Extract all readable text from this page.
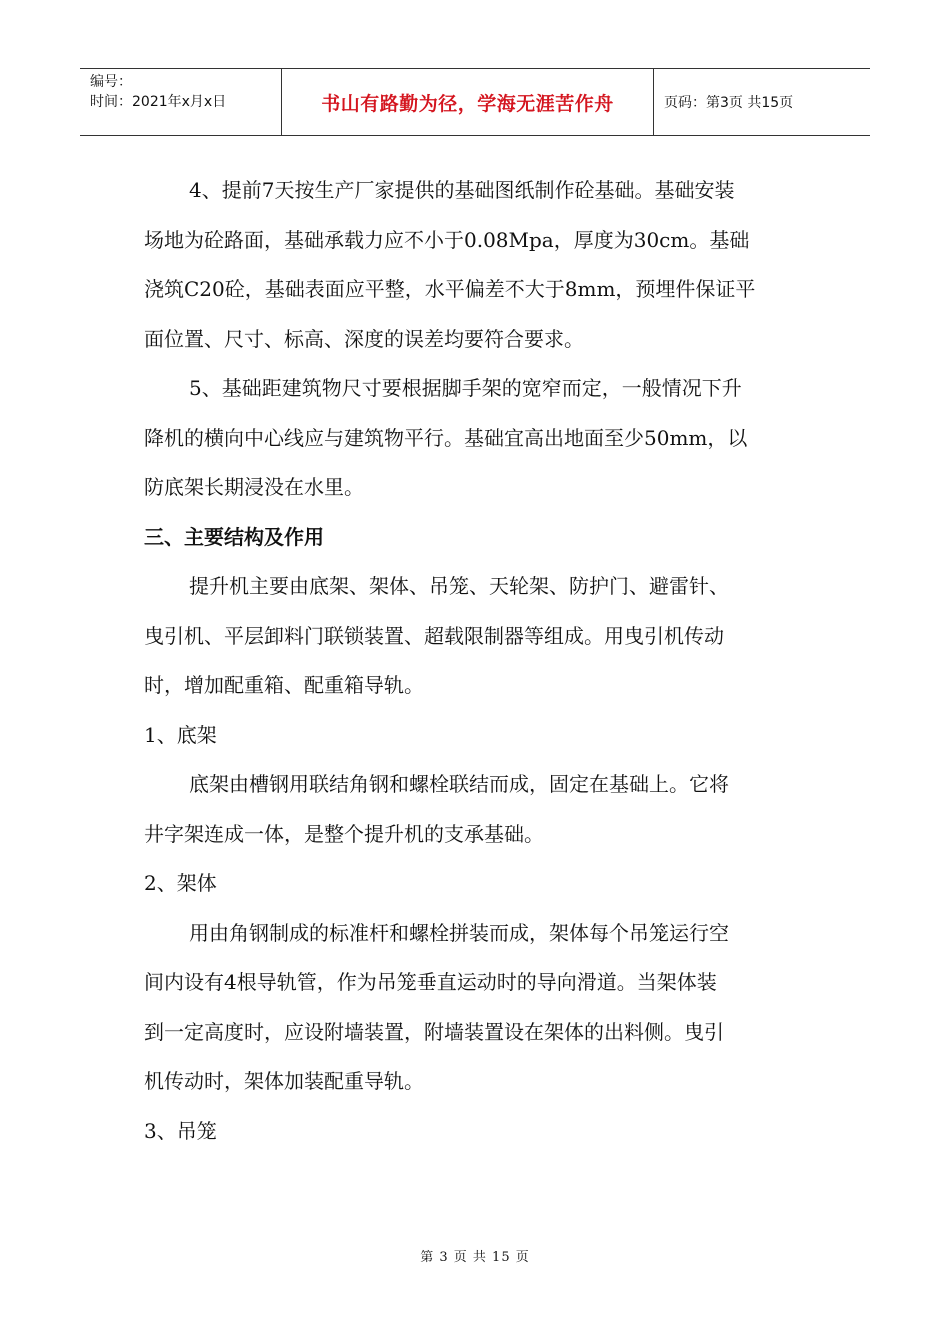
编号：
时间：2021年x月x日	书山有路勤为径，学海无涯苦作舟	页码：第3页 共15页

4、提前7天按生产厂家提供的基础图纸制作砼基础。基础安装

场地为砼路面，基础承载力应不小于0.08Mpa，厚度为30cm。基础

浇筑C20砼，基础表面应平整，水平偏差不大于8mm，预埋件保证平

面位置、尺寸、标高、深度的误差均要符合要求。

5、基础距建筑物尺寸要根据脚手架的宽窄而定，一般情况下升

降机的横向中心线应与建筑物平行。基础宜高出地面至少50mm，以

防底架长期浸没在水里。

三、主要结构及作用

提升机主要由底架、架体、吊笼、天轮架、防护门、避雷针、

曳引机、平层卸料门联锁装置、超载限制器等组成。用曳引机传动

时，增加配重箱、配重箱导轨。

1、底架

底架由槽钢用联结角钢和螺栓联结而成，固定在基础上。它将

井字架连成一体，是整个提升机的支承基础。

2、架体

用由角钢制成的标准杆和螺栓拼装而成，架体每个吊笼运行空

间内设有4根导轨管，作为吊笼垂直运动时的导向滑道。当架体装

到一定高度时，应设附墙装置，附墙装置设在架体的出料侧。曳引

机传动时，架体加装配重导轨。

3、吊笼

第 3 页 共 15 页
